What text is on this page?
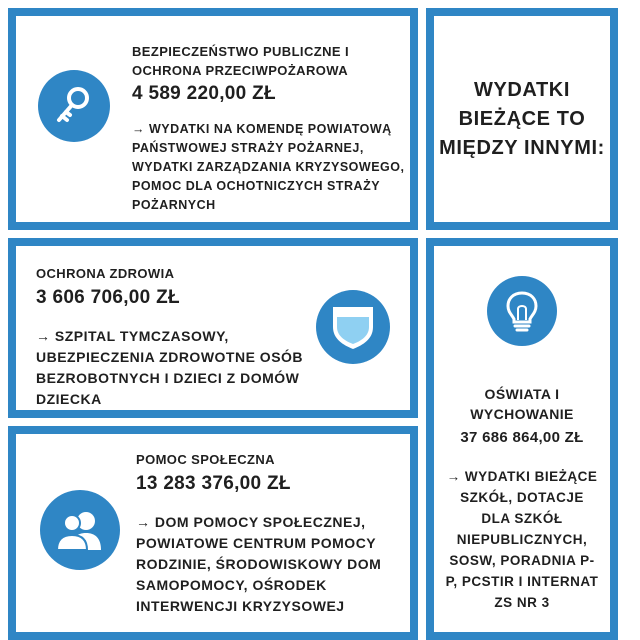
BEZPIECZEŃSTWO PUBLICZNE I OCHRONA PRZECIWPOŻAROWA
4 589 220,00 ZŁ
→ WYDATKI NA KOMENDĘ POWIATOWĄ PAŃSTWOWEJ STRAŻY POŻARNEJ, WYDATKI ZARZĄDZANIA KRYZYSOWEGO, POMOC DLA OCHOTNICZYCH STRAŻY POŻARNYCH
WYDATKI BIEŻĄCE TO MIĘDZY INNYMI:
OCHRONA ZDROWIA
3 606 706,00 ZŁ
→ SZPITAL TYMCZASOWY, UBEZPIECZENIA ZDROWOTNE OSÓB BEZROBOTNYCH I DZIECI Z DOMÓW DZIECKA
POMOC SPOŁECZNA
13 283 376,00 ZŁ
→ DOM POMOCY SPOŁECZNEJ, POWIATOWE CENTRUM POMOCY RODZINIE, ŚRODOWISKOWY DOM SAMOPOMOCY, OŚRODEK INTERWENCJI KRYZYSOWEJ
OŚWIATA I WYCHOWANIE
37 686 864,00 ZŁ
→ WYDATKI BIEŻĄCE SZKÓŁ, DOTACJE DLA SZKÓŁ NIEPUBLICZNYCH, SOSW, PORADNIA P-P, PCSTIR I INTERNAT ZS NR 3
